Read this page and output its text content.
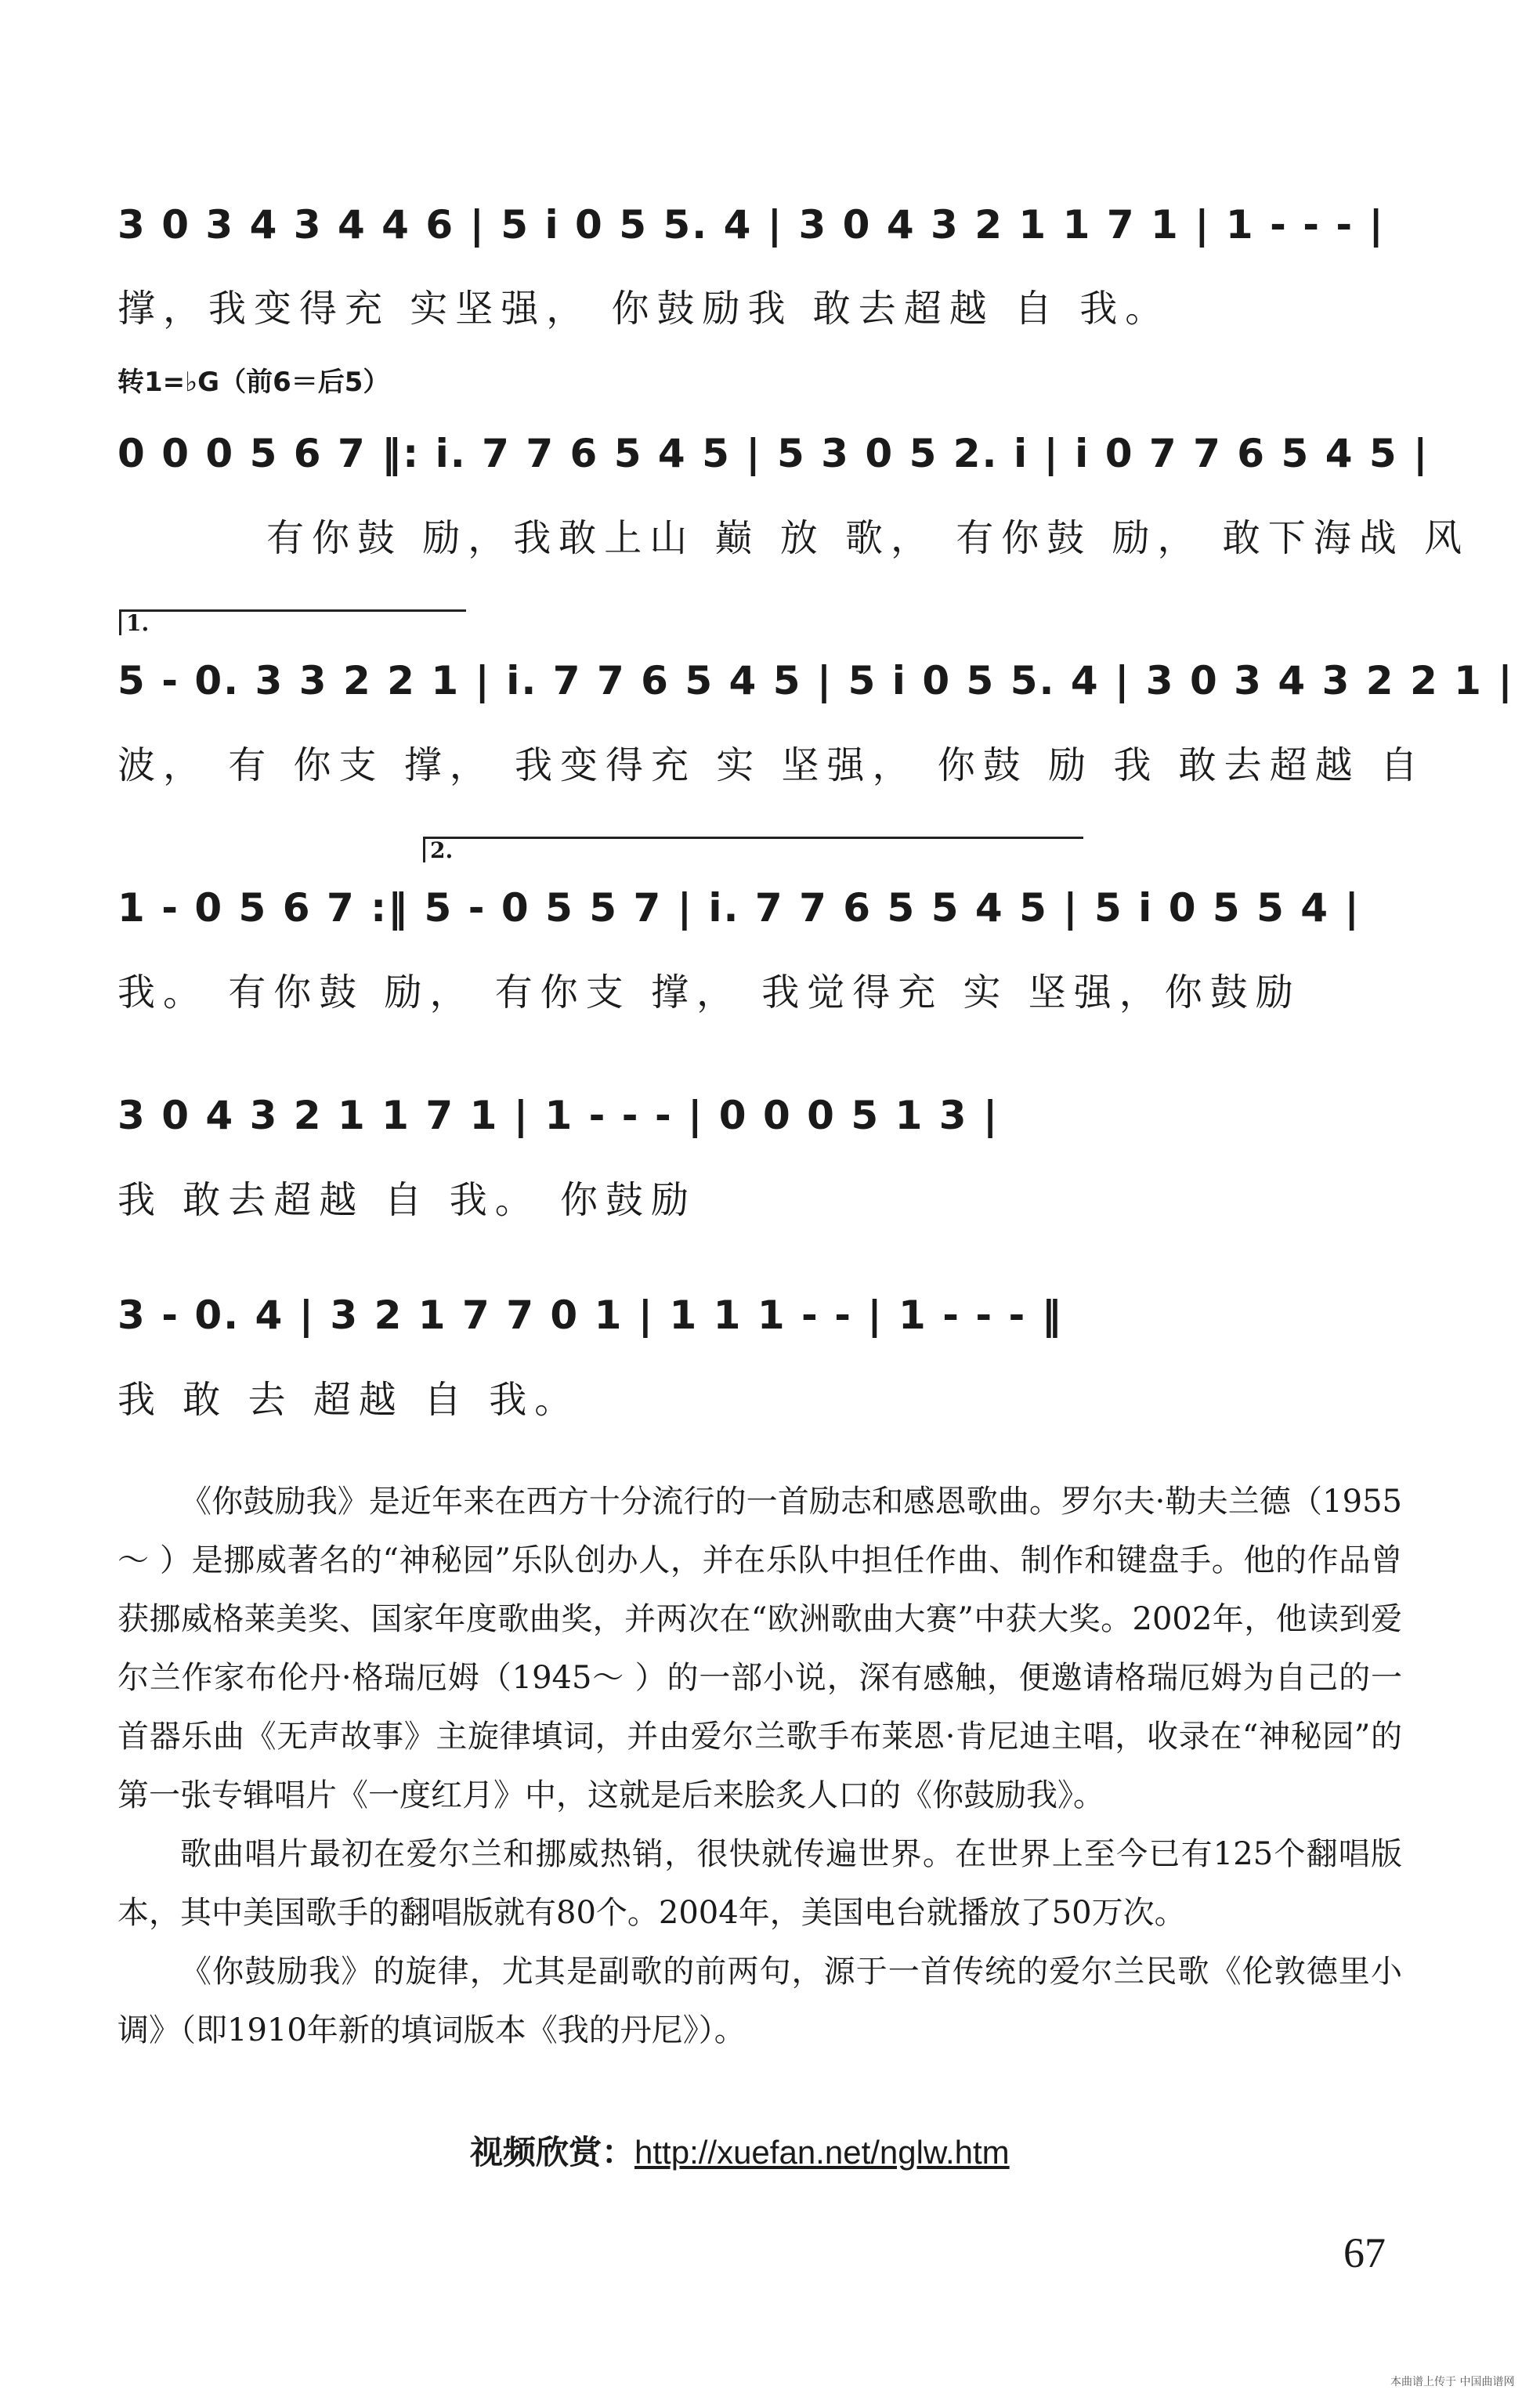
3 0 3 4 3 4 4 6 | 5 i 0 5 5. 4 | 3 0 4 3 2 1 1 7 1 | 1 - - - |
撑，我变得充 实坚强， 你鼓励我 敢去超越 自 我。
转1=♭G（前6＝后5）
0 0 0 5 6 7 ‖: i. 7 7 6 5 4 5 | 5 3 0 5 2. i | i 0 7 7 6 5 4 5 |
有你鼓 励，我敢上山 巅 放 歌， 有你鼓 励， 敢下海战 风
1.
5 - 0. 3 3 2 2 1 | i. 7 7 6 5 4 5 | 5 i 0 5 5. 4 | 3 0 3 4 3 2 2 1 |
波， 有 你支 撑， 我变得充 实 坚强， 你鼓 励 我 敢去超越 自
2.
1 - 0 5 6 7 :‖ 5 - 0 5 5 7 | i. 7 7 6 5 5 4 5 | 5 i 0 5 5 4 |
我。 有你鼓 励， 有你支 撑， 我觉得充 实 坚强，你鼓励
3 0 4 3 2 1 1 7 1 | 1 - - - | 0 0 0 5 1 3 |
我 敢去超越 自 我。 你鼓励
3 - 0. 4 | 3 2 1 7 7 0 1 | 1 1 1 - - | 1 - - - ‖
我 敢 去 超越 自 我。

《你鼓励我》是近年来在西方十分流行的一首励志和感恩歌曲。罗尔夫·勒夫兰德（1955～ ）是挪威著名的“神秘园”乐队创办人，并在乐队中担任作曲、制作和键盘手。他的作品曾获挪威格莱美奖、国家年度歌曲奖，并两次在“欧洲歌曲大赛”中获大奖。2002年，他读到爱尔兰作家布伦丹·格瑞厄姆（1945～ ）的一部小说，深有感触，便邀请格瑞厄姆为自己的一首器乐曲《无声故事》主旋律填词，并由爱尔兰歌手布莱恩·肯尼迪主唱，收录在“神秘园”的第一张专辑唱片《一度红月》中，这就是后来脍炙人口的《你鼓励我》。

歌曲唱片最初在爱尔兰和挪威热销，很快就传遍世界。在世界上至今已有125个翻唱版本，其中美国歌手的翻唱版就有80个。2004年，美国电台就播放了50万次。

《你鼓励我》的旋律，尤其是副歌的前两句，源于一首传统的爱尔兰民歌《伦敦德里小调》（即1910年新的填词版本《我的丹尼》）。

视频欣赏：http://xuefan.net/nglw.htm
67
本曲谱上传于 中国曲谱网
